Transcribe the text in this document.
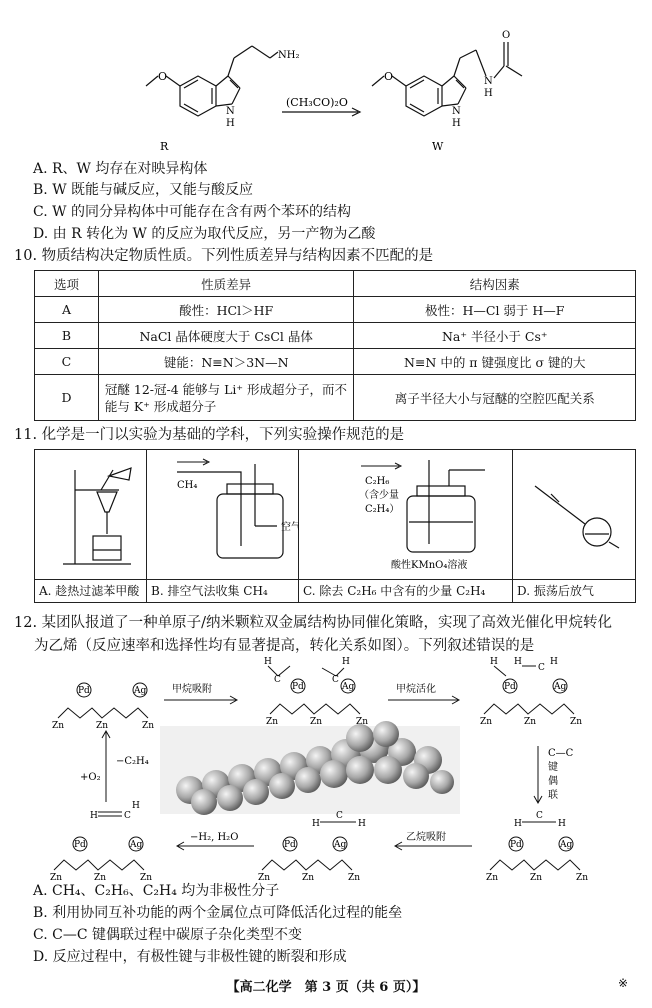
NH₂
O
N
H
R
(CH₃CO)₂O
O
N
H
N
H
O
W
A. R、W 均存在对映异构体
B. W 既能与碱反应，又能与酸反应
C. W 的同分异构体中可能存在含有两个苯环的结构
D. 由 R 转化为 W 的反应为取代反应，另一产物为乙酸
10. 物质结构决定物质性质。下列性质差异与结构因素不匹配的是
选项	性质差异	结构因素
A	酸性：HCl＞HF	极性：H—Cl 弱于 H—F
B	NaCl 晶体硬度大于 CsCl 晶体	Na⁺ 半径小于 Cs⁺
C	键能：N≡N＞3N—N	N≡N 中的 π 键强度比 σ 键的大
D	冠醚 12-冠-4 能够与 Li⁺ 形成超分子，而不能与 K⁺ 形成超分子	离子半径大小与冠醚的空腔匹配关系
11. 化学是一门以实验为基础的学科，下列实验操作规范的是
A. 趁热过滤苯甲酸
CH₄
空气
B. 排空气法收集 CH₄
C₂H₆
（含少量
C₂H₄）
酸性KMnO₄溶液
C. 除去 C₂H₆ 中含有的少量 C₂H₄	D. 振荡后放气
12. 某团队报道了一种单原子/纳米颗粒双金属结构协同催化策略，实现了高效光催化甲烷转化
为乙烯（反应速率和选择性均有显著提高，转化关系如图）。下列叙述错误的是
Pd	Ag	Pd	Ag	Pd	Ag
Pd	Ag
Pd	Ag
Pd	Ag
Zn	Zn	Zn	Zn	Zn	Zn	Zn	Zn	Zn
Zn	Zn	Zn
Zn	Zn	Zn
Zn	Zn	Zn
H
C	C
H	H H
C
H
H
C
H
H
C
H
H	C
H
甲烷吸附	甲烷活化
C—C
键
偶
联
乙烷吸附
−H₂, H₂O
+O₂
−C₂H₄
A. CH₄、C₂H₆、C₂H₄ 均为非极性分子
B. 利用协同互补功能的两个金属位点可降低活化过程的能垒
C. C—C 键偶联过程中碳原子杂化类型不变
D. 反应过程中，有极性键与非极性键的断裂和形成
【高二化学　第 3 页（共 6 页）】	※
